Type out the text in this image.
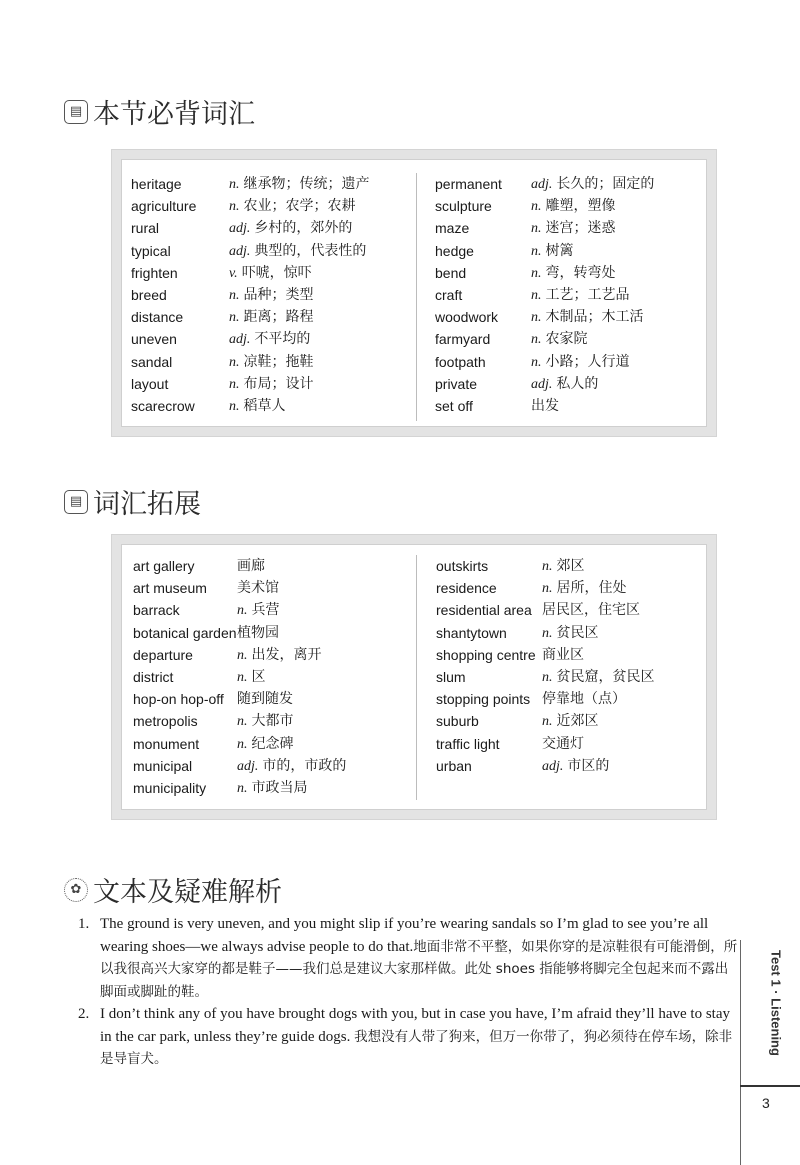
▤ 本节必背词汇
heritage	n. 继承物；传统；遗产
agriculture n. 农业；农学；农耕
rural	adj. 乡村的，郊外的
typical	adj. 典型的，代表性的
frighten	v. 吓唬，惊吓
breed	n. 品种；类型
distance	n. 距离；路程
uneven	adj. 不平均的
sandal	n. 凉鞋；拖鞋
layout	n. 布局；设计
scarecrow n. 稻草人
permanent adj. 长久的；固定的
sculpture	n. 雕塑，塑像
maze	n. 迷宫；迷惑
hedge	n. 树篱
bend	n. 弯，转弯处
craft	n. 工艺；工艺品
woodwork n. 木制品；木工活
farmyard	n. 农家院
footpath	n. 小路；人行道
private	adj. 私人的
set off	出发
▤ 词汇拓展
art gallery	画廊
art museum 美术馆
barrack	n. 兵营
botanical garden 植物园
departure	n. 出发，离开
district	n. 区
hop-on hop-off 随到随发
metropolis	n. 大都市
monument	n. 纪念碑
municipal	adj. 市的，市政的
municipality n. 市政当局
outskirts	n. 郊区
residence	n. 居所，住处
residential area 居民区，住宅区
shantytown	n. 贫民区
shopping centre 商业区
slum	n. 贫民窟，贫民区
stopping points 停靠地（点）
suburb	n. 近郊区
traffic light	交通灯
urban	adj. 市区的
✿ 文本及疑难解析
1. The ground is very uneven, and you might slip if you’re wearing sandals so I’m glad to see you’re all wearing shoes—we always advise people to do that.地面非常不平整，如果你穿的是凉鞋很有可能滑倒，所以我很高兴大家穿的都是鞋子——我们总是建议大家那样做。此处 shoes 指能够将脚完全包起来而不露出脚面或脚趾的鞋。
2. I don’t think any of you have brought dogs with you, but in case you have, I’m afraid they’ll have to stay in the car park, unless they’re guide dogs. 我想没有人带了狗来，但万一你带了，狗必须待在停车场，除非是导盲犬。
Test 1 · Listening
3
